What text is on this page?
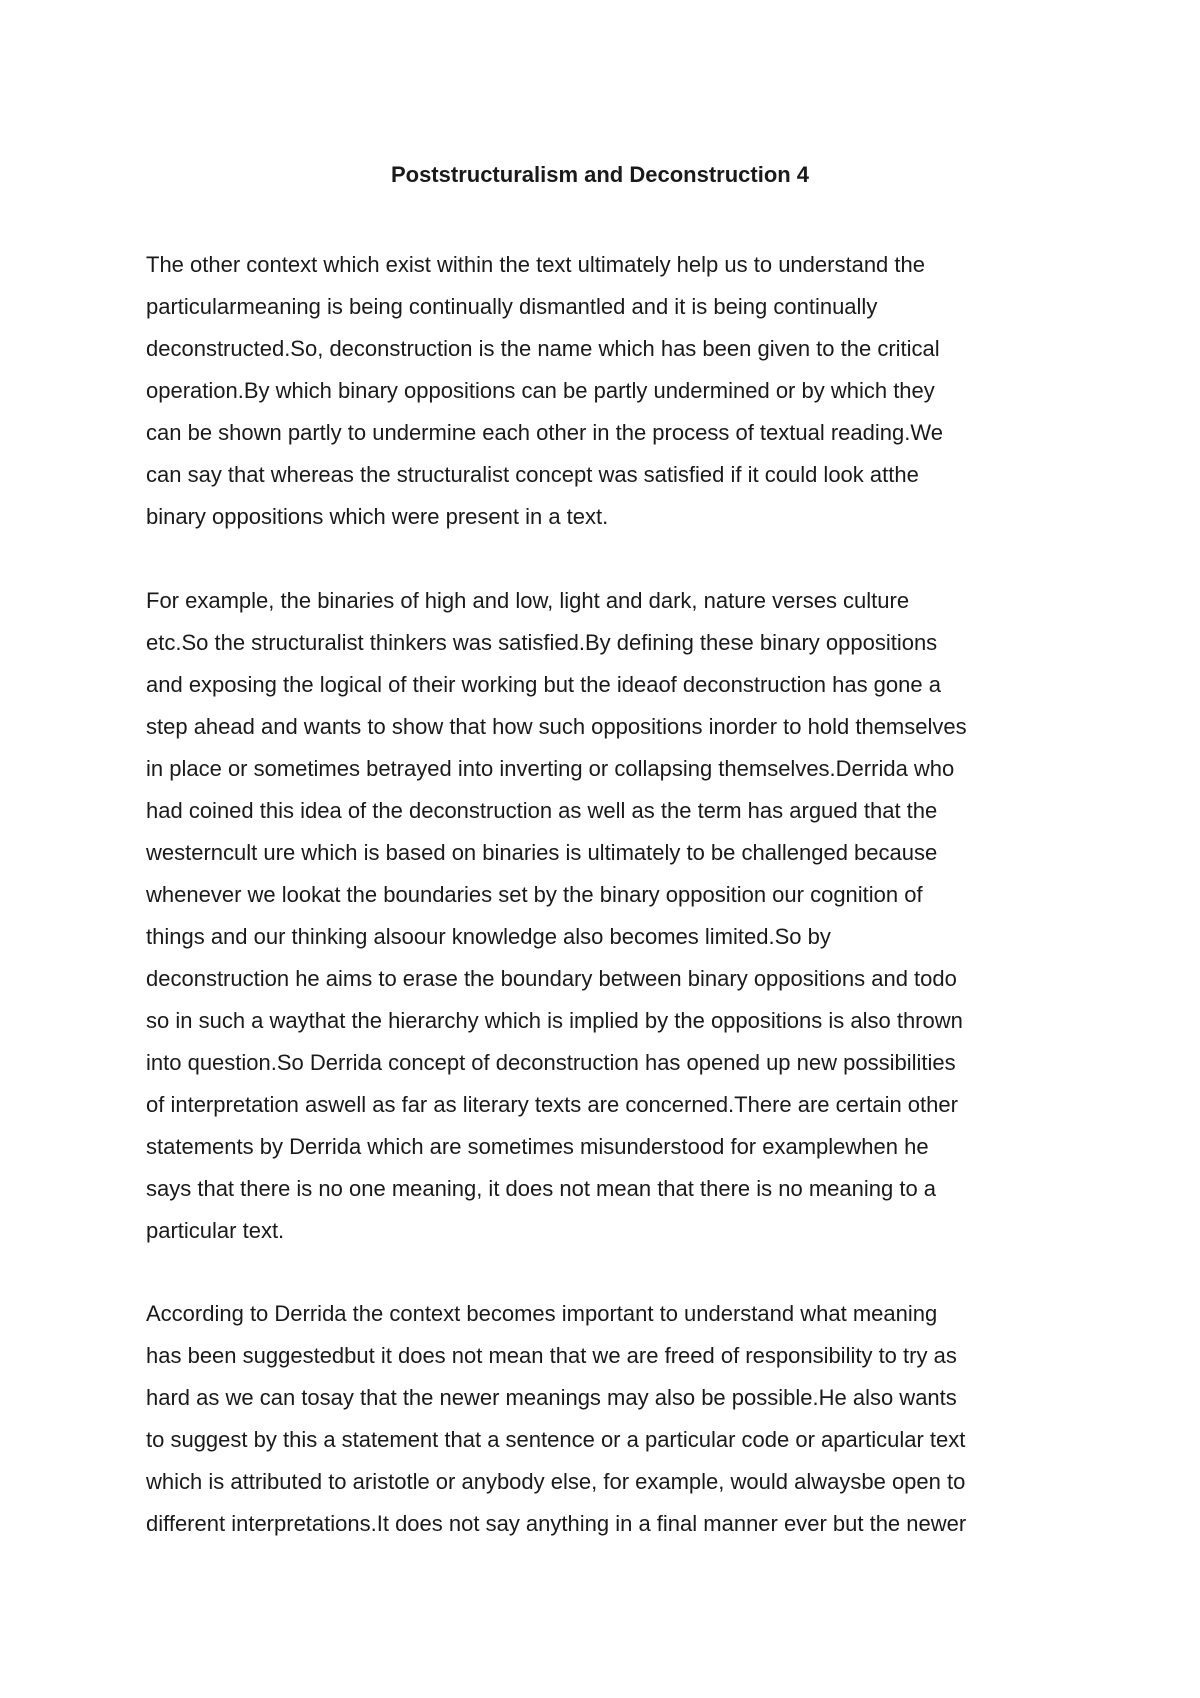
Poststructuralism and Deconstruction 4
The other context which exist within the text ultimately help us to understand the
particularmeaning is being continually dismantled and it is being continually
deconstructed.So, deconstruction is the name which has been given to the critical
operation.By which binary oppositions can be partly undermined or by which they
can be shown partly to undermine each other in the process of textual reading.We
can say that whereas the structuralist concept was satisfied if it could look atthe
binary oppositions which were present in a text.
For example, the binaries of high and low, light and dark, nature verses culture
etc.So the structuralist thinkers was satisfied.By defining these binary oppositions
and exposing the logical of their working but the ideaof deconstruction has gone a
step ahead and wants to show that how such oppositions inorder to hold themselves
in place or sometimes betrayed into inverting or collapsing themselves.Derrida who
had coined this idea of the deconstruction as well as the term has argued that the
westerncult ure which is based on binaries is ultimately to be challenged because
whenever we lookat the boundaries set by the binary opposition our cognition of
things and our thinking alsoour knowledge also becomes limited.So by
deconstruction he aims to erase the boundary between binary oppositions and todo
so in such a waythat the hierarchy which is implied by the oppositions is also thrown
into question.So Derrida concept of deconstruction has opened up new possibilities
of interpretation aswell as far as literary texts are concerned.There are certain other
statements by Derrida which are sometimes misunderstood for examplewhen he
says that there is no one meaning, it does not mean that there is no meaning to a
particular text.
According to Derrida the context becomes important to understand what meaning
has been suggestedbut it does not mean that we are freed of responsibility to try as
hard as we can tosay that the newer meanings may also be possible.He also wants
to suggest by this a statement that a sentence or a particular code or aparticular text
which is attributed to aristotle or anybody else, for example, would alwaysbe open to
different interpretations.It does not say anything in a final manner ever but the newer
